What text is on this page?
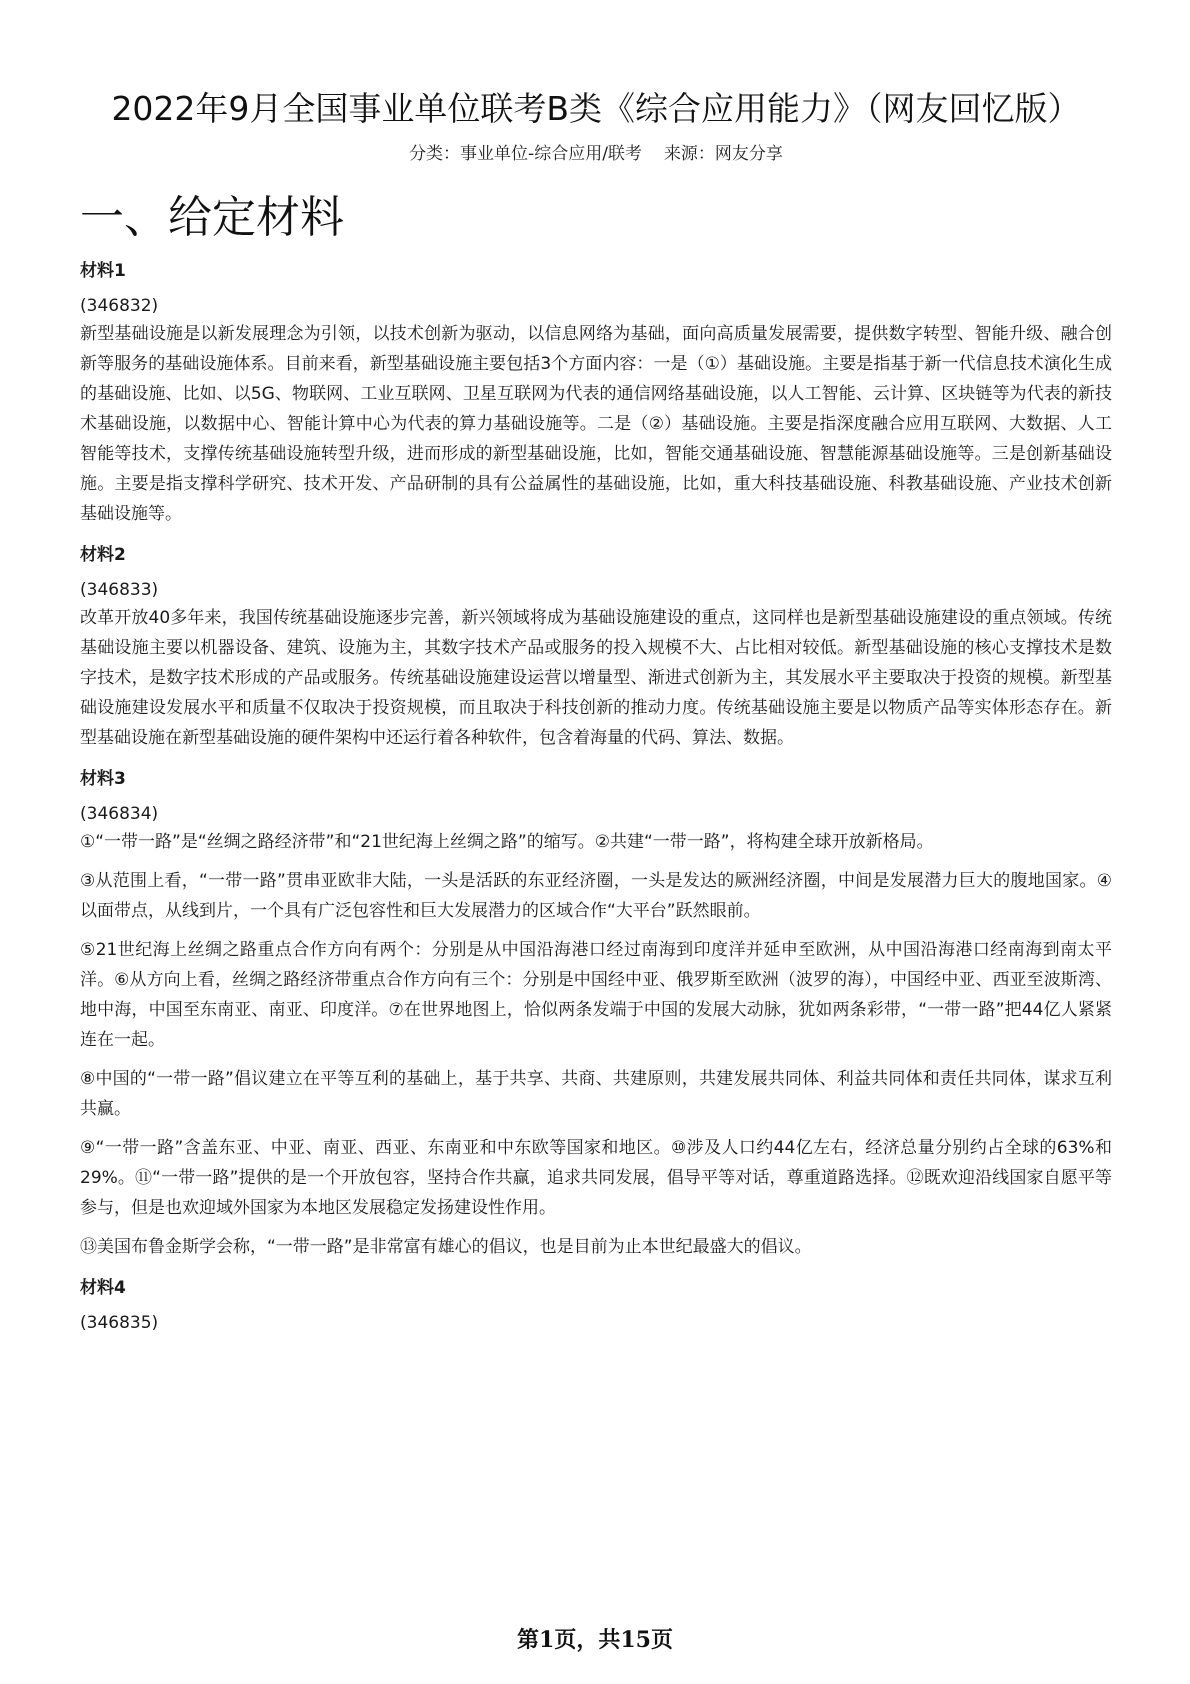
2022年9月全国事业单位联考B类《综合应用能力》（网友回忆版）
分类：事业单位-综合应用/联考 来源：网友分享
一、给定材料
材料1
(346832)

新型基础设施是以新发展理念为引领，以技术创新为驱动，以信息网络为基础，面向高质量发展需要，提供数字转型、智能升级、融合创新等服务的基础设施体系。目前来看，新型基础设施主要包括3个方面内容：一是（①）基础设施。主要是指基于新一代信息技术演化生成的基础设施、比如、以5G、物联网、工业互联网、卫星互联网为代表的通信网络基础设施，以人工智能、云计算、区块链等为代表的新技术基础设施，以数据中心、智能计算中心为代表的算力基础设施等。二是（②）基础设施。主要是指深度融合应用互联网、大数据、人工智能等技术，支撑传统基础设施转型升级，进而形成的新型基础设施，比如，智能交通基础设施、智慧能源基础设施等。三是创新基础设施。主要是指支撑科学研究、技术开发、产品研制的具有公益属性的基础设施，比如，重大科技基础设施、科教基础设施、产业技术创新基础设施等。

材料2
(346833)

改革开放40多年来，我国传统基础设施逐步完善，新兴领域将成为基础设施建设的重点，这同样也是新型基础设施建设的重点领域。传统基础设施主要以机器设备、建筑、设施为主，其数字技术产品或服务的投入规模不大、占比相对较低。新型基础设施的核心支撑技术是数字技术，是数字技术形成的产品或服务。传统基础设施建设运营以增量型、渐进式创新为主，其发展水平主要取决于投资的规模。新型基础设施建设发展水平和质量不仅取决于投资规模，而且取决于科技创新的推动力度。传统基础设施主要是以物质产品等实体形态存在。新型基础设施在新型基础设施的硬件架构中还运行着各种软件，包含着海量的代码、算法、数据。

材料3
(346834)

①“一带一路”是“丝绸之路经济带”和“21世纪海上丝绸之路”的缩写。②共建“一带一路”，将构建全球开放新格局。

③从范围上看，“一带一路”贯串亚欧非大陆，一头是活跃的东亚经济圈，一头是发达的厥洲经济圈，中间是发展潜力巨大的腹地国家。④以面带点，从线到片，一个具有广泛包容性和巨大发展潜力的区域合作“大平台”跃然眼前。

⑤21世纪海上丝绸之路重点合作方向有两个：分别是从中国沿海港口经过南海到印度洋并延申至欧洲，从中国沿海港口经南海到南太平洋。⑥从方向上看，丝绸之路经济带重点合作方向有三个：分别是中国经中亚、俄罗斯至欧洲（波罗的海），中国经中亚、西亚至波斯湾、地中海，中国至东南亚、南亚、印度洋。⑦在世界地图上，恰似两条发端于中国的发展大动脉，犹如两条彩带，“一带一路”把44亿人紧紧连在一起。

⑧中国的“一带一路”倡议建立在平等互利的基础上，基于共享、共商、共建原则，共建发展共同体、利益共同体和责任共同体，谋求互利共赢。

⑨“一带一路”含盖东亚、中亚、南亚、西亚、东南亚和中东欧等国家和地区。⑩涉及人口约44亿左右，经济总量分别约占全球的63%和29%。⑪“一带一路”提供的是一个开放包容，坚持合作共赢，追求共同发展，倡导平等对话，尊重道路选择。⑫既欢迎沿线国家自愿平等参与，但是也欢迎域外国家为本地区发展稳定发扬建设性作用。

⑬美国布鲁金斯学会称，“一带一路”是非常富有雄心的倡议，也是目前为止本世纪最盛大的倡议。

材料4
(346835)
第1页，共15页
